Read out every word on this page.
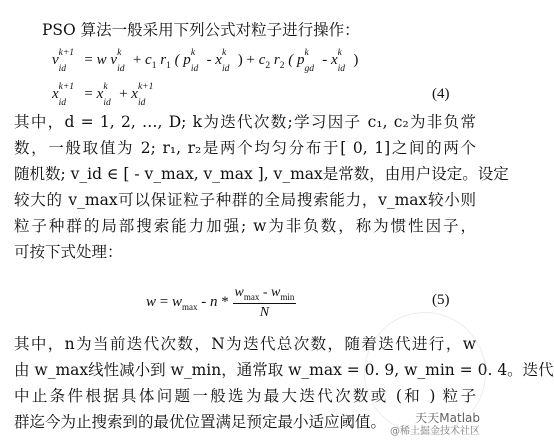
PSO 算法一般采用下列公式对粒子进行操作：
v k+1
id
= w v k
id
+ $c_1$ $r_1$ ( p k
id
- x k
id
) + $c_2$ $r_2$ ( p k
gd
- x k
id
)
x k+1
id
= x k
id
+ x k+1
id

(4)
其中，d = 1, 2, …, D; k为迭代次数;学习因子 c₁, c₂为非负常
数，一般取值为 2; r₁, r₂是两个均匀分布于[ 0, 1]之间的两个
随机数; v_id ∈ [ - v_max, v_max ], v_max是常数，由用户设定。设定
较大的 v_max可以保证粒子种群的全局搜索能力，v_max较小则
粒子种群的局部搜索能力加强; w为非负数，称为惯性因子，
可按下式处理：
$w = w_{max} - n * \frac{w_{max} - w_{min}}{N}$	(5)
其中，n为当前迭代次数，N为迭代总次数，随着迭代进行，w
由 w_max线性减小到 w_min，通常取 w_max = 0. 9, w_min = 0. 4。迭代
中止条件根据具体问题一般选为最大迭代次数或 (和 ) 粒子
群迄今为止搜索到的最优位置满足预定最小适应阈值。	天天Matlab
@稀土掘金技术社区
